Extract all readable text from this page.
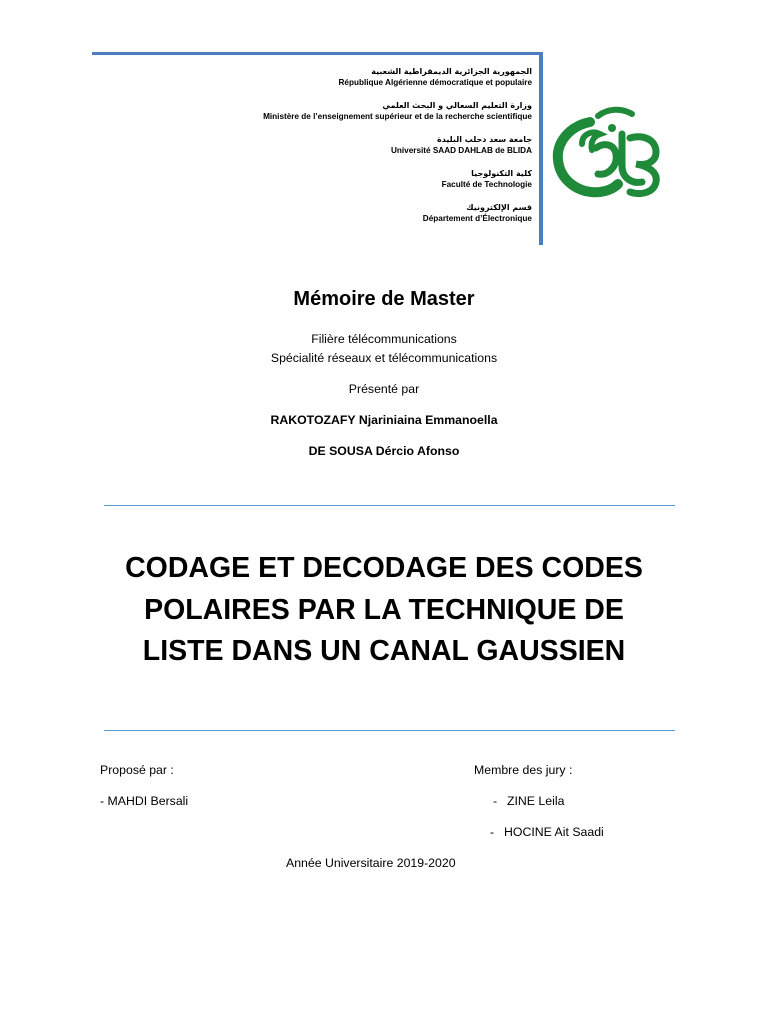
الجمهورية الجزائرية الديمقراطية الشعبية
République Algérienne démocratique et populaire
وزارة التعليم السعالي و البحث العلمي
Ministère de l’enseignement supérieur et de la recherche scientifique
جامعة سعد دحلب البليدة
Université SAAD DAHLAB de BLIDA
كلية التكنولوجيا
Faculté de Technologie
قسم الإلكترونيك
Département d’Électronique
Mémoire de Master
Filière télécommunications
Spécialité réseaux et télécommunications
Présenté par
RAKOTOZAFY Njariniaina Emmanoella
DE SOUSA Dércio Afonso
CODAGE ET DECODAGE DES CODES
POLAIRES PAR LA TECHNIQUE DE
LISTE DANS UN CANAL GAUSSIEN
Proposé par :
- MAHDI Bersali
Membre des jury :
- ZINE Leila
- HOCINE Ait Saadi
Année Universitaire 2019-2020
